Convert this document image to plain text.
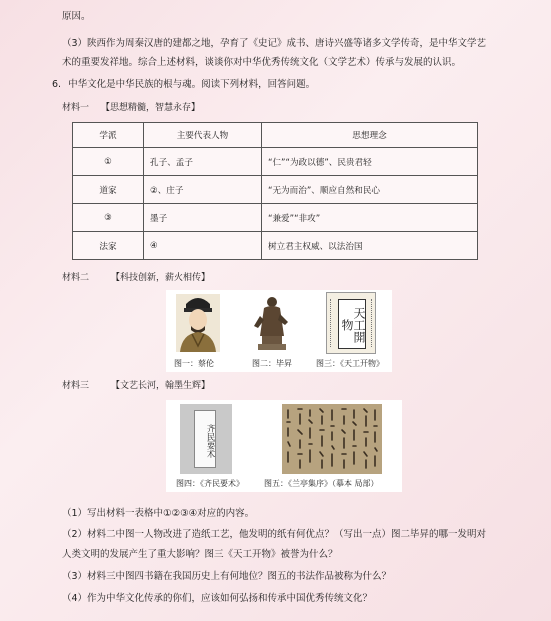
原因。
（3）陕西作为周秦汉唐的建都之地，孕育了《史记》成书、唐诗兴盛等诸多文学传奇，是中华文学艺
术的重要发祥地。综合上述材料，谈谈你对中华优秀传统文化（文学艺术）传承与发展的认识。
6. 中华文化是中华民族的根与魂。阅读下列材料，回答问题。
材料一 【思想精髓，智慧永存】
学派	主要代表人物	思想理念
①	孔子、孟子	“仁”“为政以德”、民贵君轻
道家	②、庄子	“无为而治”、顺应自然和民心
③	墨子	“兼爱”“非攻”
法家	④	树立君主权威、以法治国
材料二 【科技创新，薪火相传】
天工開物
图一：蔡伦	图二：毕昇	图三：《天工开物》
材料三 【文艺长河，翰墨生辉】
齐民要术
图四：《齐民要术》	图五：《兰亭集序》（摹本 局部）
（1）写出材料一表格中①②③④对应的内容。
（2）材料二中图一人物改进了造纸工艺，他发明的纸有何优点？（写出一点）图二毕昇的哪一发明对
人类文明的发展产生了重大影响？图三《天工开物》被誉为什么？
（3）材料三中图四书籍在我国历史上有何地位？图五的书法作品被称为什么？
（4）作为中华文化传承的你们，应该如何弘扬和传承中国优秀传统文化？
